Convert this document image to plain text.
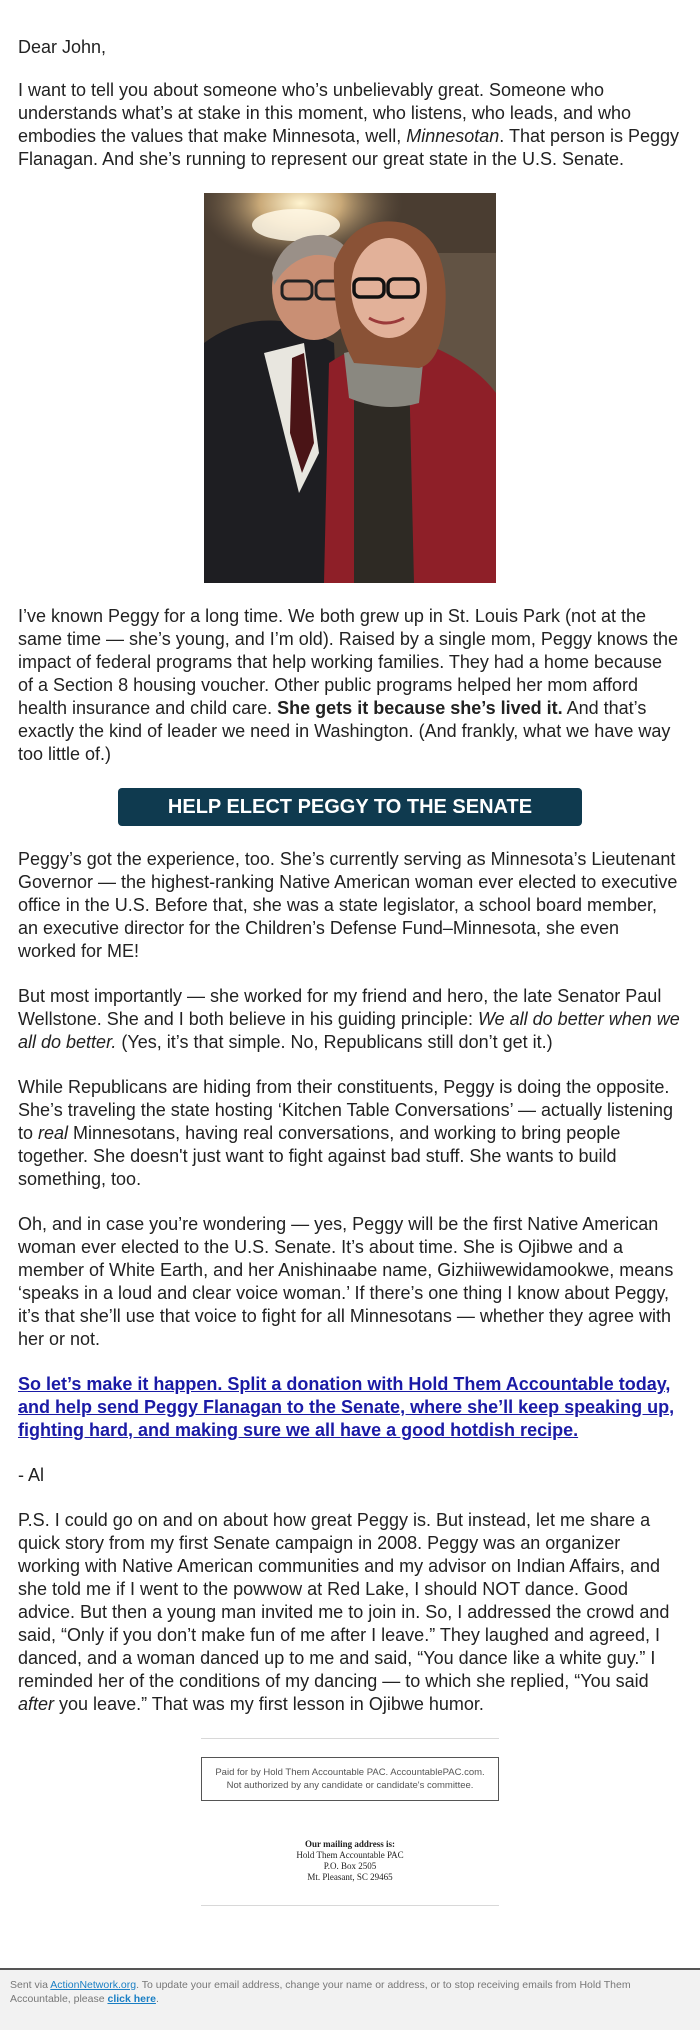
Dear John,

I want to tell you about someone who’s unbelievably great. Someone who understands what’s at stake in this moment, who listens, who leads, and who embodies the values that make Minnesota, well, Minnesotan. That person is Peggy Flanagan. And she’s running to represent our great state in the U.S. Senate.

I’ve known Peggy for a long time. We both grew up in St. Louis Park (not at the same time — she’s young, and I’m old). Raised by a single mom, Peggy knows the impact of federal programs that help working families. They had a home because of a Section 8 housing voucher. Other public programs helped her mom afford health insurance and child care. She gets it because she’s lived it. And that’s exactly the kind of leader we need in Washington. (And frankly, what we have way too little of.)

HELP ELECT PEGGY TO THE SENATE

Peggy’s got the experience, too. She’s currently serving as Minnesota’s Lieutenant Governor — the highest-ranking Native American woman ever elected to executive office in the U.S. Before that, she was a state legislator, a school board member, an executive director for the Children’s Defense Fund–Minnesota, she even worked for ME!

But most importantly — she worked for my friend and hero, the late Senator Paul Wellstone. She and I both believe in his guiding principle: We all do better when we all do better. (Yes, it’s that simple. No, Republicans still don’t get it.)

While Republicans are hiding from their constituents, Peggy is doing the opposite. She’s traveling the state hosting ‘Kitchen Table Conversations’ — actually listening to real Minnesotans, having real conversations, and working to bring people together. She doesn't just want to fight against bad stuff. She wants to build something, too.

Oh, and in case you’re wondering — yes, Peggy will be the first Native American woman ever elected to the U.S. Senate. It’s about time. She is Ojibwe and a member of White Earth, and her Anishinaabe name, Gizhiiwewidamookwe, means ‘speaks in a loud and clear voice woman.’ If there’s one thing I know about Peggy, it’s that she’ll use that voice to fight for all Minnesotans — whether they agree with her or not.

So let’s make it happen. Split a donation with Hold Them Accountable today, and help send Peggy Flanagan to the Senate, where she’ll keep speaking up, fighting hard, and making sure we all have a good hotdish recipe.

- Al

P.S. I could go on and on about how great Peggy is. But instead, let me share a quick story from my first Senate campaign in 2008. Peggy was an organizer working with Native American communities and my advisor on Indian Affairs, and she told me if I went to the powwow at Red Lake, I should NOT dance. Good advice. But then a young man invited me to join in. So, I addressed the crowd and said, “Only if you don’t make fun of me after I leave.” They laughed and agreed, I danced, and a woman danced up to me and said, “You dance like a white guy.” I reminded her of the conditions of my dancing — to which she replied, “You said after you leave.” That was my first lesson in Ojibwe humor.

Paid for by Hold Them Accountable PAC. AccountablePAC.com. Not authorized by any candidate or candidate's committee.
Our mailing address is:
Hold Them Accountable PAC
P.O. Box 2505
Mt. Pleasant, SC 29465
Sent via ActionNetwork.org. To update your email address, change your name or address, or to stop receiving emails from Hold Them Accountable, please click here.
